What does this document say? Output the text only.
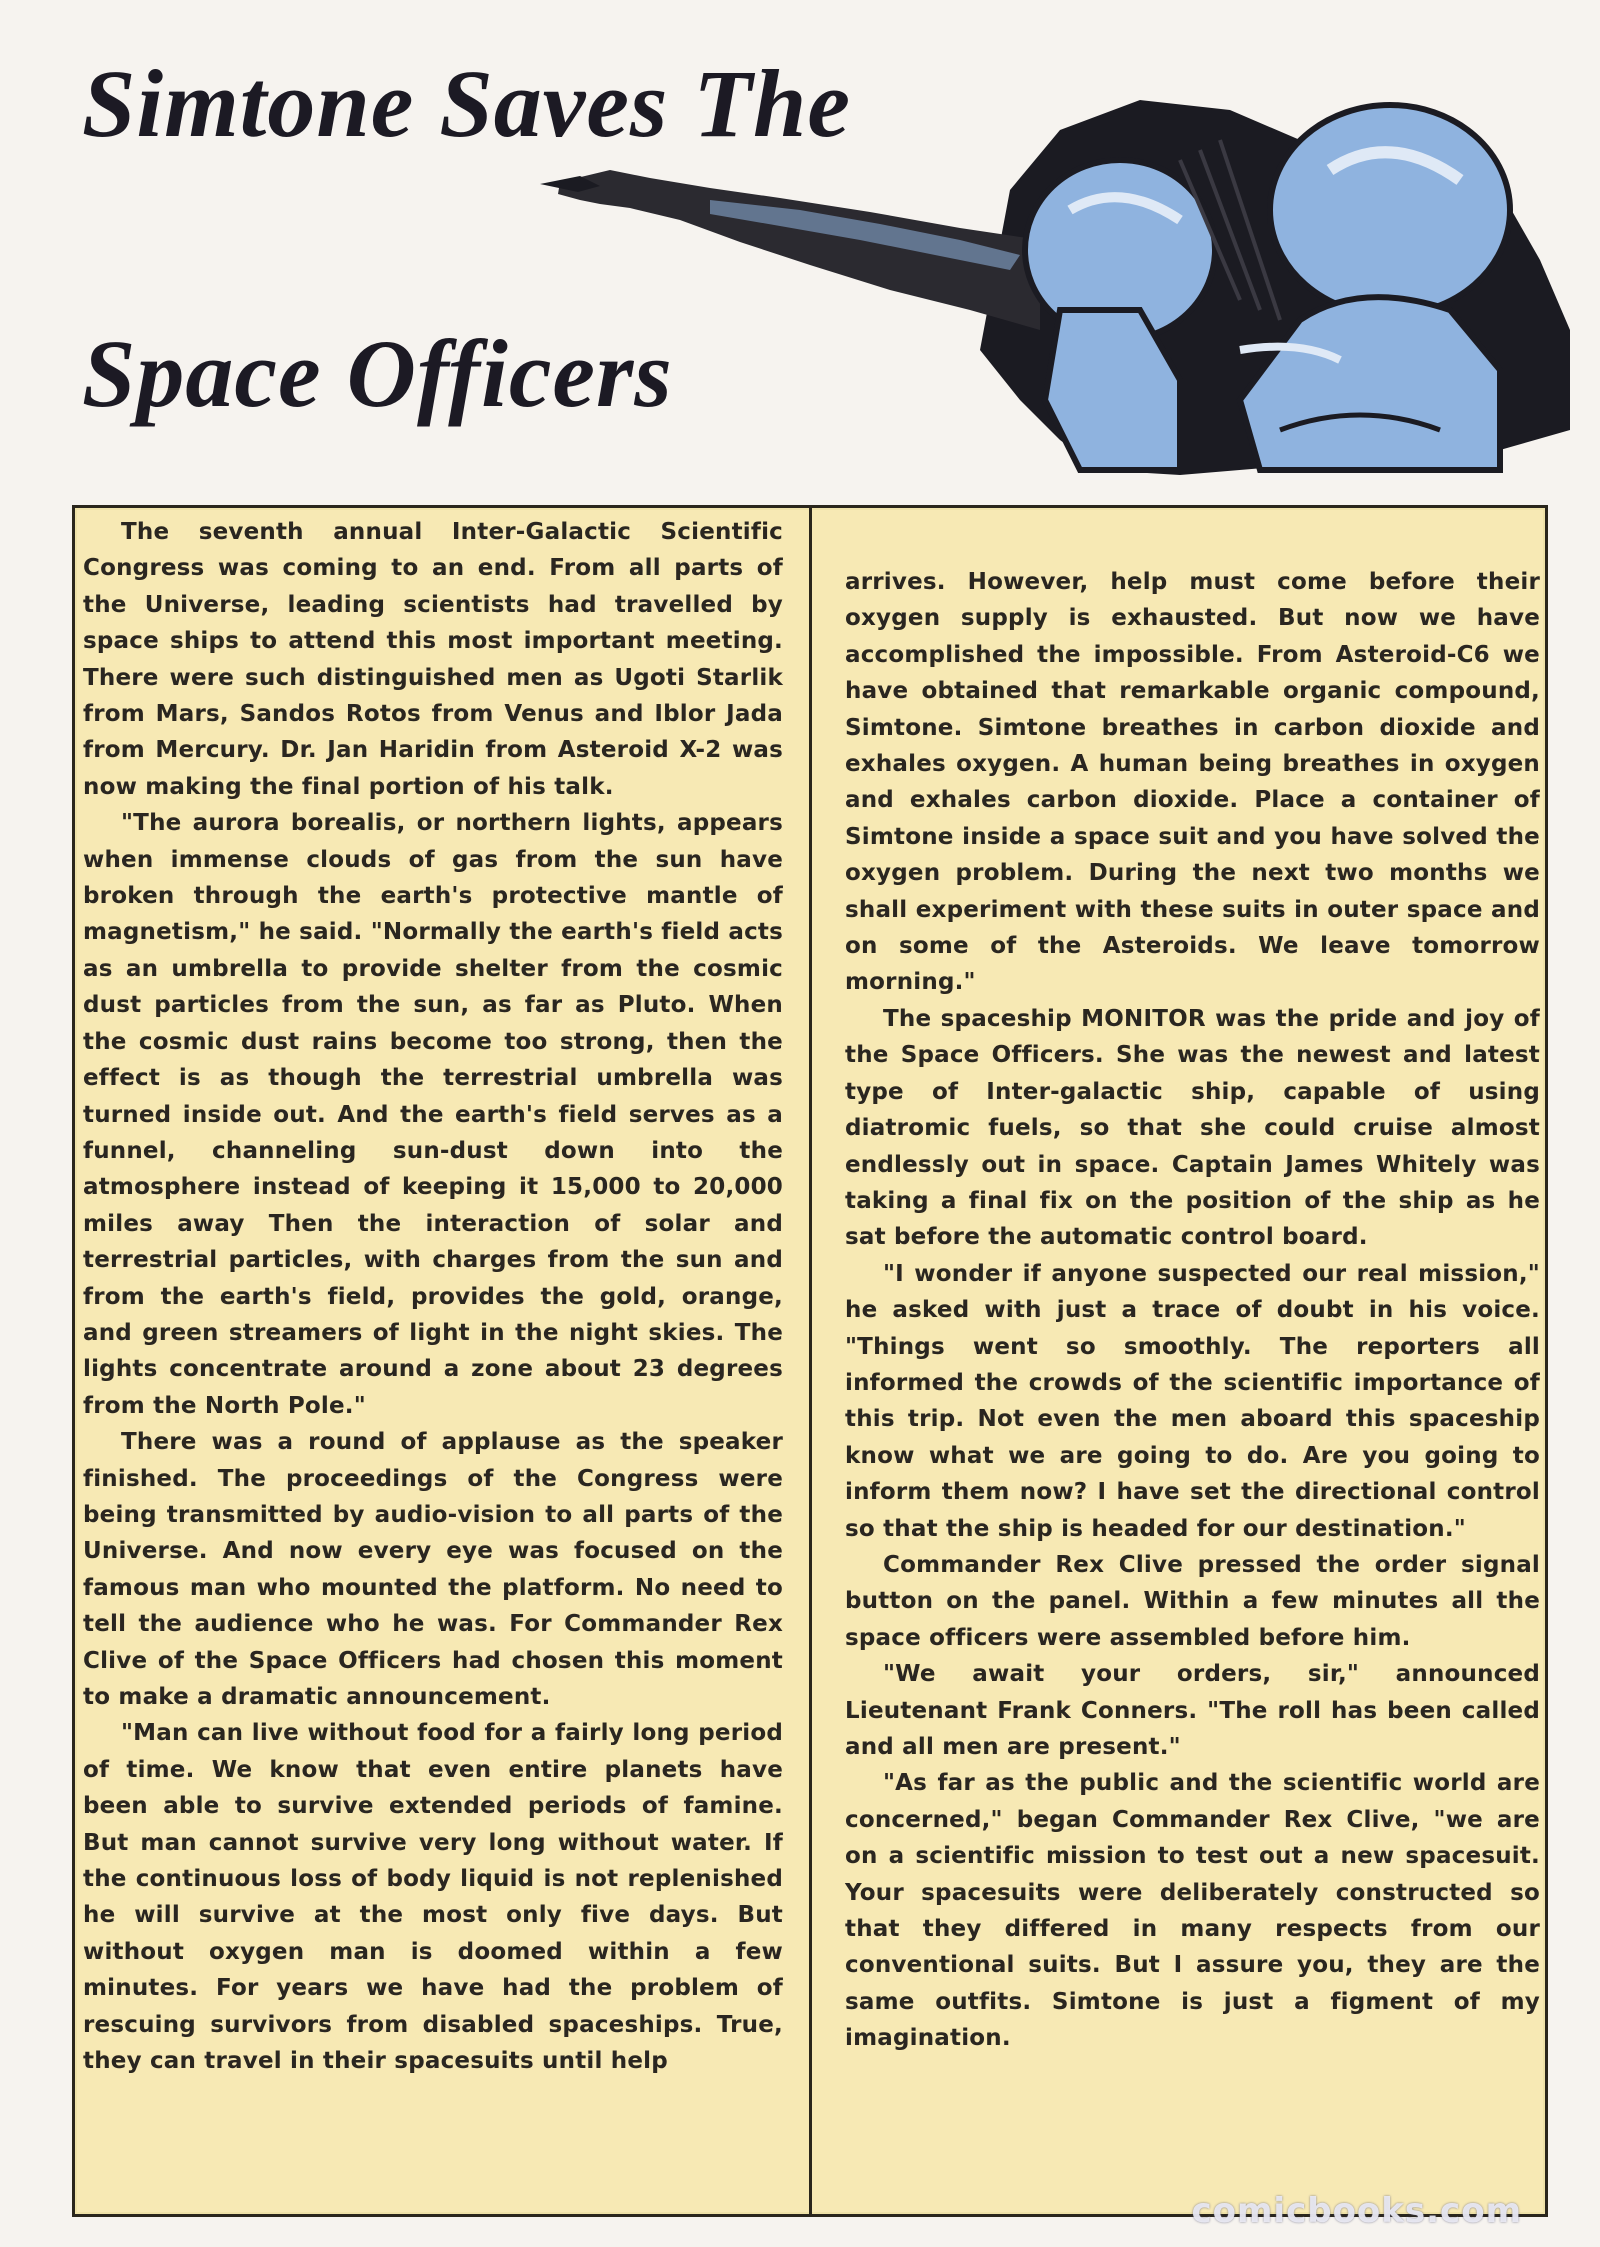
Simtone Saves The
Space Officers

The seventh annual Inter-Galactic Scientific Congress was coming to an end. From all parts of the Universe, leading scientists had travelled by space ships to attend this most important meeting. There were such distinguished men as Ugoti Starlik from Mars, Sandos Rotos from Venus and Iblor Jada from Mercury. Dr. Jan Haridin from Asteroid X-2 was now making the final portion of his talk.

"The aurora borealis, or northern lights, appears when immense clouds of gas from the sun have broken through the earth's protective mantle of magnetism," he said. "Normally the earth's field acts as an umbrella to provide shelter from the cosmic dust particles from the sun, as far as Pluto. When the cosmic dust rains become too strong, then the effect is as though the terrestrial umbrella was turned inside out. And the earth's field serves as a funnel, channeling sun-dust down into the atmosphere instead of keeping it 15,000 to 20,000 miles away Then the interaction of solar and terrestrial particles, with charges from the sun and from the earth's field, provides the gold, orange, and green streamers of light in the night skies. The lights concentrate around a zone about 23 degrees from the North Pole."

There was a round of applause as the speaker finished. The proceedings of the Congress were being transmitted by audio-vision to all parts of the Universe. And now every eye was focused on the famous man who mounted the platform. No need to tell the audience who he was. For Commander Rex Clive of the Space Officers had chosen this moment to make a dramatic announcement.

"Man can live without food for a fairly long period of time. We know that even entire planets have been able to survive extended periods of famine. But man cannot survive very long without water. If the continuous loss of body liquid is not replenished he will survive at the most only five days. But without oxygen man is doomed within a few minutes. For years we have had the problem of rescuing survivors from disabled spaceships. True, they can travel in their spacesuits until help

arrives. However, help must come before their oxygen supply is exhausted. But now we have accomplished the impossible. From Asteroid-C6 we have obtained that remarkable organic compound, Simtone. Simtone breathes in carbon dioxide and exhales oxygen. A human being breathes in oxygen and exhales carbon dioxide. Place a container of Simtone inside a space suit and you have solved the oxygen problem. During the next two months we shall experiment with these suits in outer space and on some of the Asteroids. We leave tomorrow morning."

The spaceship MONITOR was the pride and joy of the Space Officers. She was the newest and latest type of Inter-galactic ship, capable of using diatromic fuels, so that she could cruise almost endlessly out in space. Captain James Whitely was taking a final fix on the position of the ship as he sat before the automatic control board.

"I wonder if anyone suspected our real mission," he asked with just a trace of doubt in his voice. "Things went so smoothly. The reporters all informed the crowds of the scientific importance of this trip. Not even the men aboard this spaceship know what we are going to do. Are you going to inform them now? I have set the directional control so that the ship is headed for our destination."

Commander Rex Clive pressed the order signal button on the panel. Within a few minutes all the space officers were assembled before him.

"We await your orders, sir," announced Lieutenant Frank Conners. "The roll has been called and all men are present."

"As far as the public and the scientific world are concerned," began Commander Rex Clive, "we are on a scientific mission to test out a new spacesuit. Your spacesuits were deliberately constructed so that they differed in many respects from our conventional suits. But I assure you, they are the same outfits. Simtone is just a figment of my imagination.

comicbooks.com
